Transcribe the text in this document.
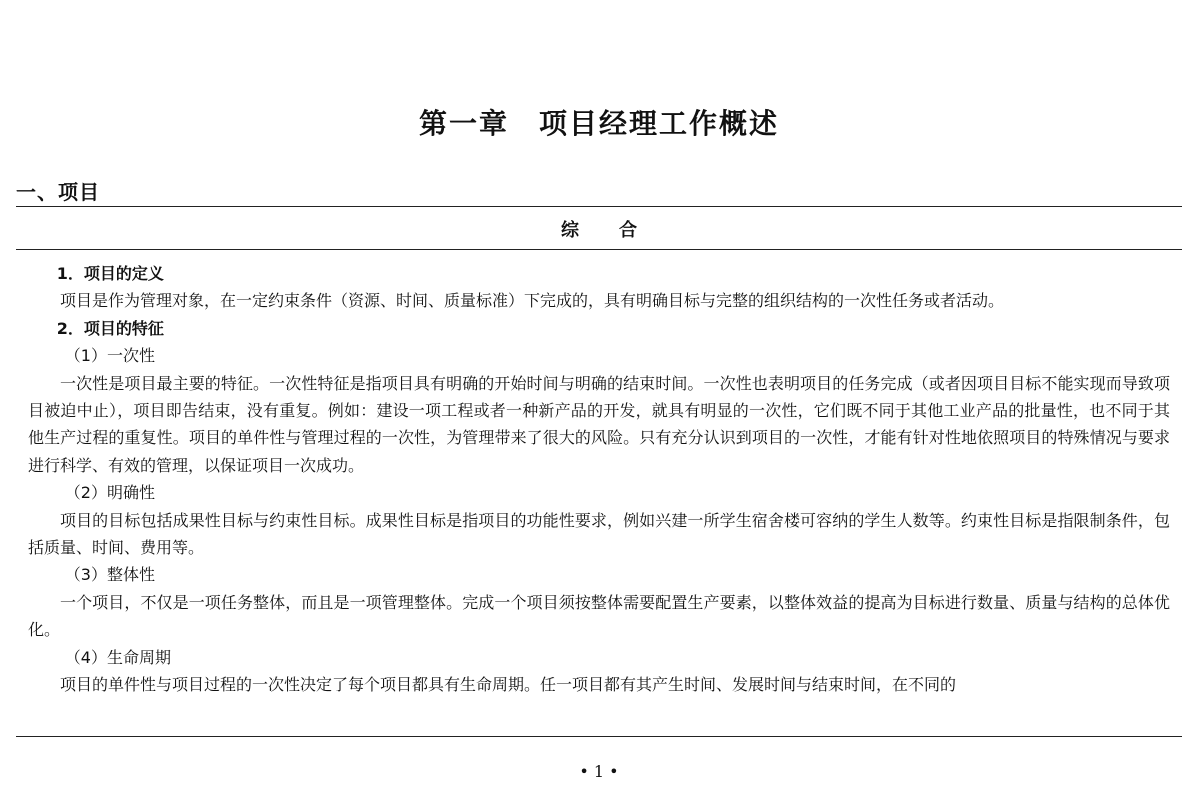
第一章　项目经理工作概述
一、项目
综合

1．项目的定义

项目是作为管理对象，在一定约束条件（资源、时间、质量标准）下完成的，具有明确目标与完整的组织结构的一次性任务或者活动。

2．项目的特征

（1）一次性

一次性是项目最主要的特征。一次性特征是指项目具有明确的开始时间与明确的结束时间。一次性也表明项目的任务完成（或者因项目目标不能实现而导致项目被迫中止），项目即告结束，没有重复。例如：建设一项工程或者一种新产品的开发，就具有明显的一次性，它们既不同于其他工业产品的批量性，也不同于其他生产过程的重复性。项目的单件性与管理过程的一次性，为管理带来了很大的风险。只有充分认识到项目的一次性，才能有针对性地依照项目的特殊情况与要求进行科学、有效的管理，以保证项目一次成功。

（2）明确性

项目的目标包括成果性目标与约束性目标。成果性目标是指项目的功能性要求，例如兴建一所学生宿舍楼可容纳的学生人数等。约束性目标是指限制条件，包括质量、时间、费用等。

（3）整体性

一个项目，不仅是一项任务整体，而且是一项管理整体。完成一个项目须按整体需要配置生产要素，以整体效益的提高为目标进行数量、质量与结构的总体优化。

（4）生命周期

项目的单件性与项目过程的一次性决定了每个项目都具有生命周期。任一项目都有其产生时间、发展时间与结束时间，在不同的

• 1 •
